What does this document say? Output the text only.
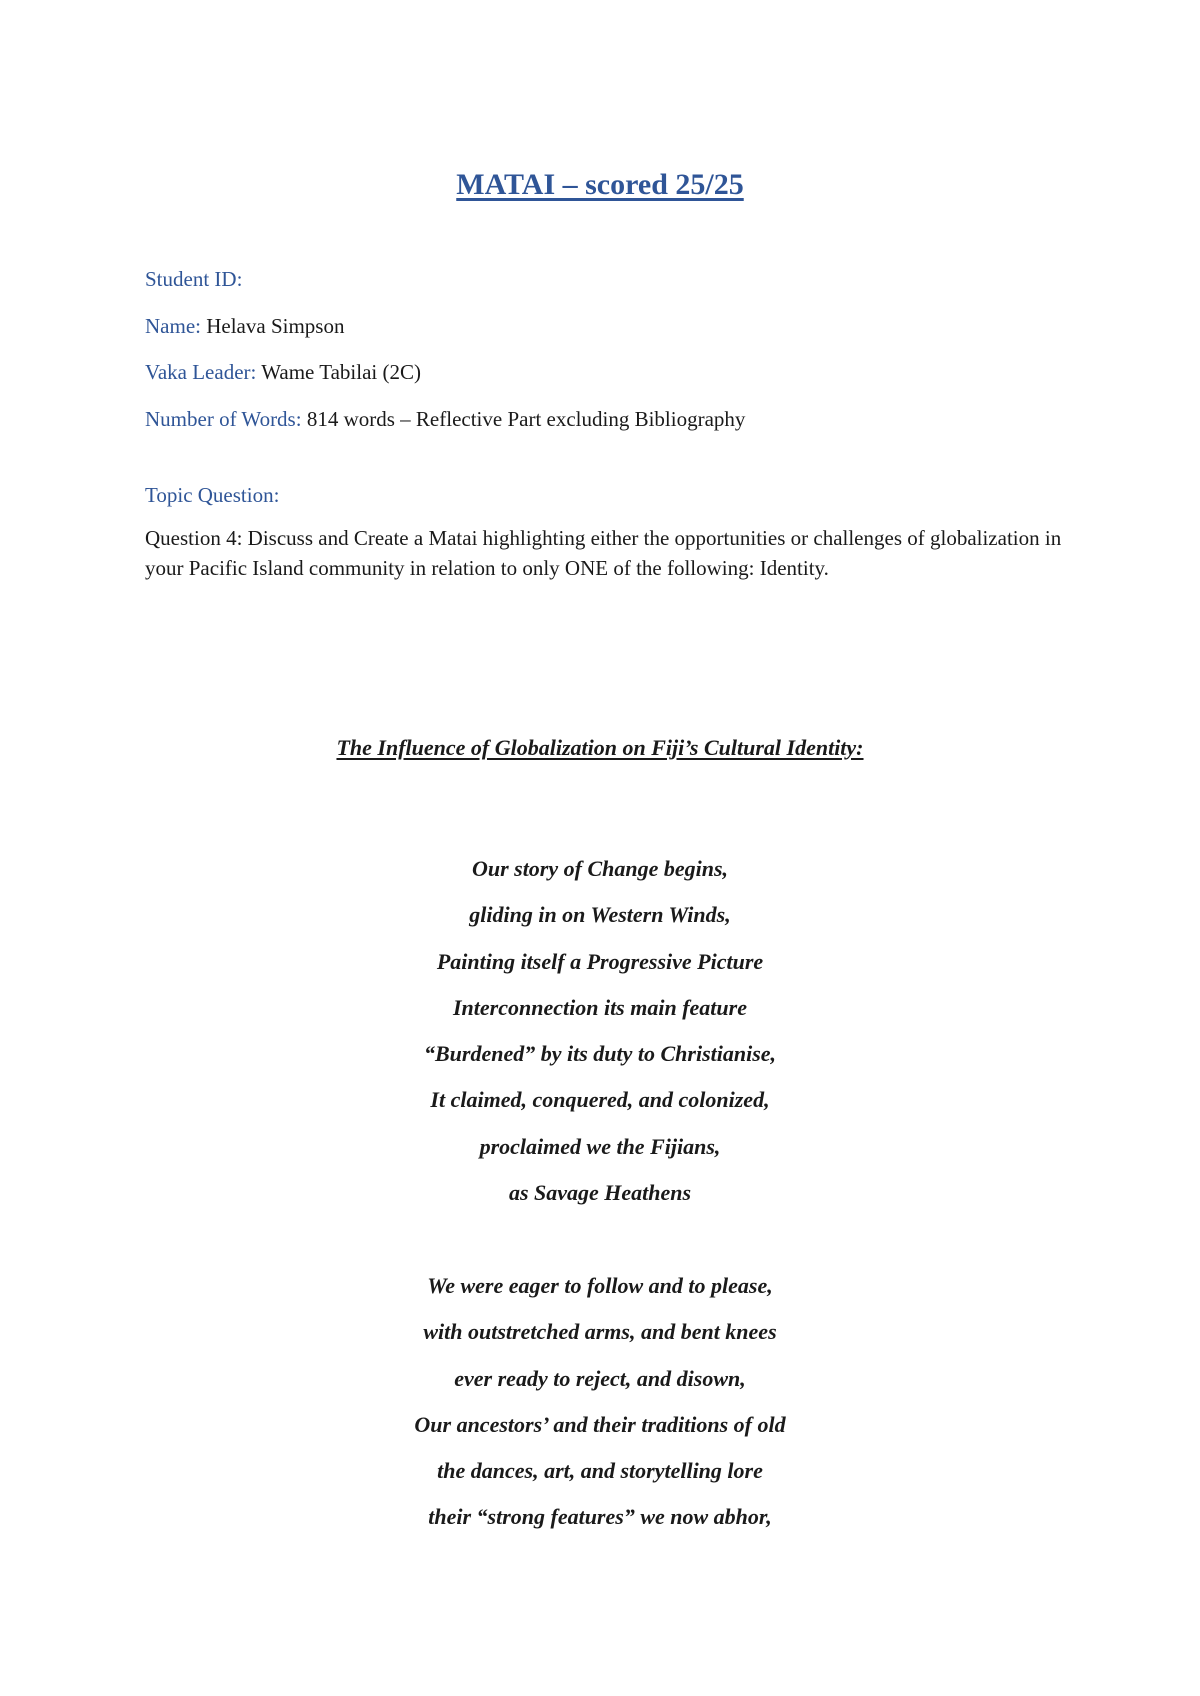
MATAI – scored 25/25

Student ID:

Name: Helava Simpson

Vaka Leader: Wame Tabilai (2C)

Number of Words: 814 words – Reflective Part excluding Bibliography

Topic Question:

Question 4: Discuss and Create a Matai highlighting either the opportunities or challenges of globalization in your Pacific Island community in relation to only ONE of the following: Identity.

The Influence of Globalization on Fiji’s Cultural Identity:
Our story of Change begins,
gliding in on Western Winds,
Painting itself a Progressive Picture
Interconnection its main feature
“Burdened” by its duty to Christianise,
It claimed, conquered, and colonized,
proclaimed we the Fijians,
as Savage Heathens
We were eager to follow and to please,
with outstretched arms, and bent knees
ever ready to reject, and disown,
Our ancestors’ and their traditions of old
the dances, art, and storytelling lore
their “strong features” we now abhor,
